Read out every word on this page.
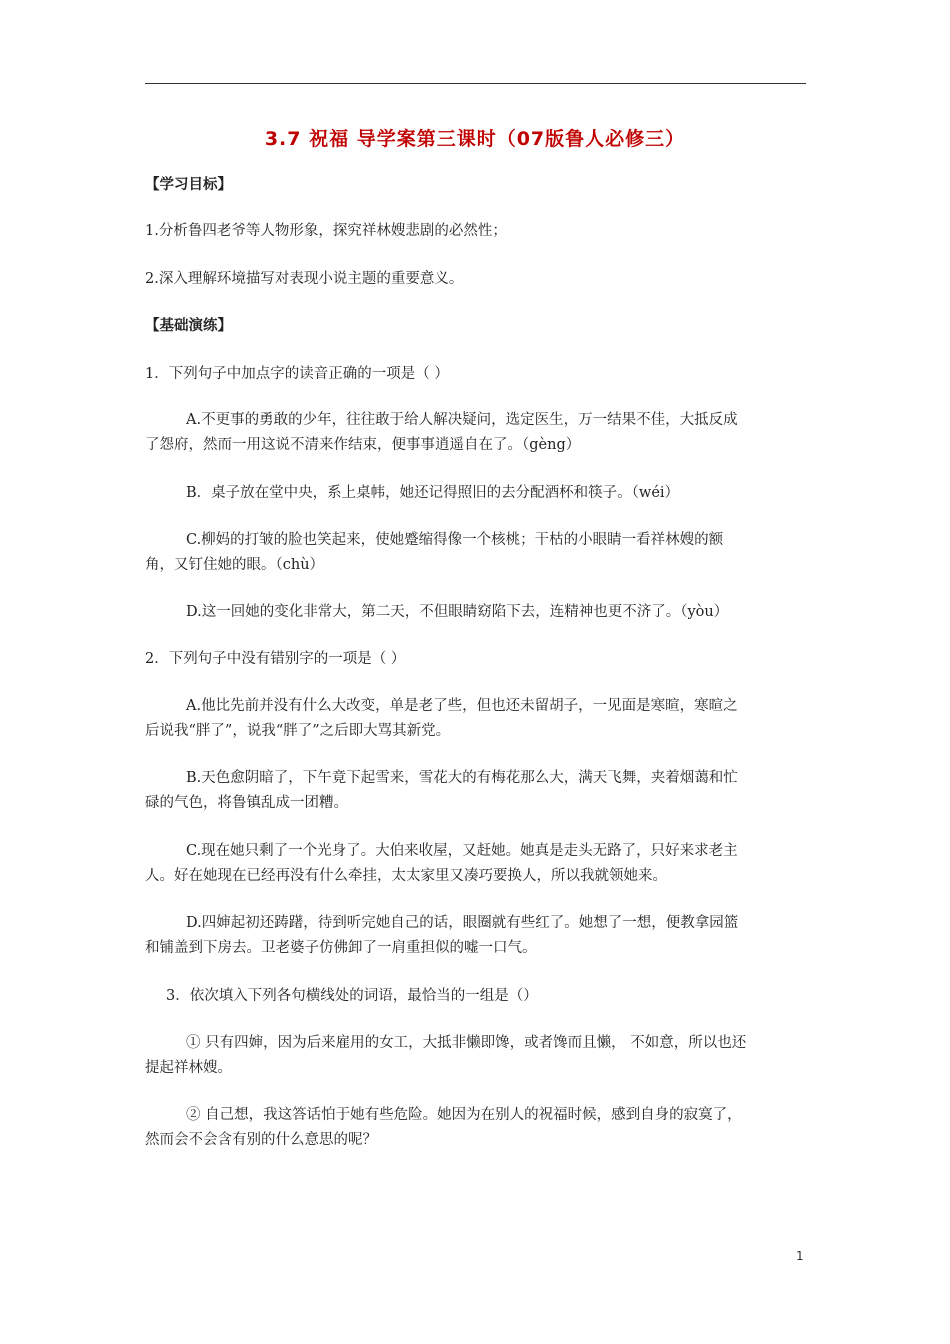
3.7 祝福 导学案第三课时（07版鲁人必修三）
【学习目标】
1.分析鲁四老爷等人物形象，探究祥林嫂悲剧的必然性；
2.深入理解环境描写对表现小说主题的重要意义。
【基础演练】
1．下列句子中加点字的读音正确的一项是（ ）
A.不更事的勇敢的少年，往往敢于给人解决疑问，选定医生，万一结果不佳，大抵反成
了怨府，然而一用这说不清来作结束，便事事逍遥自在了。（gèng）
B．桌子放在堂中央，系上桌帏，她还记得照旧的去分配酒杯和筷子。（wéi）
C.柳妈的打皱的脸也笑起来，使她蹙缩得像一个核桃；干枯的小眼睛一看祥林嫂的额
角，又钉住她的眼。（chù）
D.这一回她的变化非常大，第二天，不但眼睛窈陷下去，连精神也更不济了。（yòu）
2．下列句子中没有错别字的一项是（ ）
A.他比先前并没有什么大改变，单是老了些，但也还未留胡子，一见面是寒暄，寒暄之
后说我“胖了”，说我“胖了”之后即大骂其新党。
B.天色愈阴暗了，下午竟下起雪来，雪花大的有梅花那么大，满天飞舞，夹着烟蔼和忙
碌的气色，将鲁镇乱成一团糟。
C.现在她只剩了一个光身了。大伯来收屋，又赶她。她真是走头无路了，只好来求老主
人。好在她现在已经再没有什么牵挂，太太家里又凑巧要换人，所以我就领她来。
D.四婶起初还踌躇，待到听完她自己的话，眼圈就有些红了。她想了一想，便教拿园篮
和铺盖到下房去。卫老婆子仿佛卸了一肩重担似的嘘一口气。
3．依次填入下列各句横线处的词语，最恰当的一组是（）
① 只有四婶，因为后来雇用的女工，大抵非懒即馋，或者馋而且懒， 不如意，所以也还
提起祥林嫂。
② 自己想，我这答话怕于她有些危险。她因为在别人的祝福时候，感到自身的寂寞了，
然而会不会含有别的什么意思的呢？
1
